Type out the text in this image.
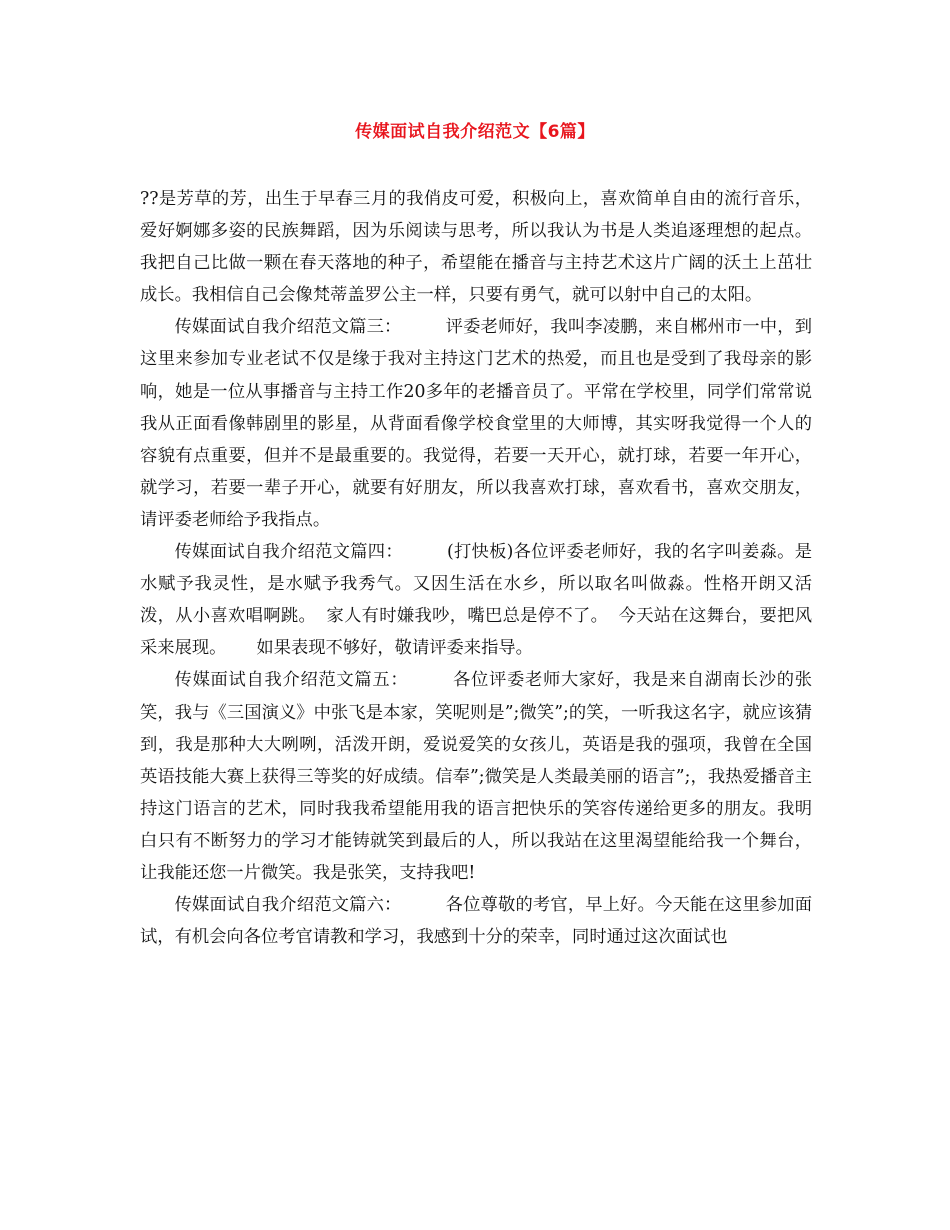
传媒面试自我介绍范文【6篇】

??是芳草的芳，出生于早春三月的我俏皮可爱，积极向上，喜欢简单自由的流行音乐，爱好婀娜多姿的民族舞蹈，因为乐阅读与思考，所以我认为书是人类追逐理想的起点。我把自己比做一颗在春天落地的种子，希望能在播音与主持艺术这片广阔的沃土上茁壮成长。我相信自己会像梵蒂盖罗公主一样，只要有勇气，就可以射中自己的太阳。

传媒面试自我介绍范文篇三：	评委老师好，我叫李凌鹏，来自郴州市一中，到这里来参加专业老试不仅是缘于我对主持这门艺术的热爱，而且也是受到了我母亲的影响，她是一位从事播音与主持工作20多年的老播音员了。平常在学校里，同学们常常说我从正面看像韩剧里的影星，从背面看像学校食堂里的大师博，其实呀我觉得一个人的容貌有点重要，但并不是最重要的。我觉得，若要一天开心，就打球，若要一年开心，就学习，若要一辈子开心，就要有好朋友，所以我喜欢打球，喜欢看书，喜欢交朋友，请评委老师给予我指点。

传媒面试自我介绍范文篇四：	(打快板)各位评委老师好，我的名字叫姜淼。是水赋予我灵性，是水赋予我秀气。又因生活在水乡，所以取名叫做淼。性格开朗又活泼，从小喜欢唱啊跳。 家人有时嫌我吵，嘴巴总是停不了。 今天站在这舞台，要把风采来展现。 如果表现不够好，敬请评委来指导。

传媒面试自我介绍范文篇五：	各位评委老师大家好，我是来自湖南长沙的张笑，我与《三国演义》中张飞是本家，笑呢则是”;微笑”;的笑，一听我这名字，就应该猜到，我是那种大大咧咧，活泼开朗，爱说爱笑的女孩儿，英语是我的强项，我曾在全国英语技能大赛上获得三等奖的好成绩。信奉”;微笑是人类最美丽的语言”;，我热爱播音主持这门语言的艺术，同时我我希望能用我的语言把快乐的笑容传递给更多的朋友。我明白只有不断努力的学习才能铸就笑到最后的人，所以我站在这里渴望能给我一个舞台，让我能还您一片微笑。我是张笑，支持我吧!

传媒面试自我介绍范文篇六：	各位尊敬的考官，早上好。今天能在这里参加面试，有机会向各位考官请教和学习，我感到十分的荣幸，同时通过这次面试也
